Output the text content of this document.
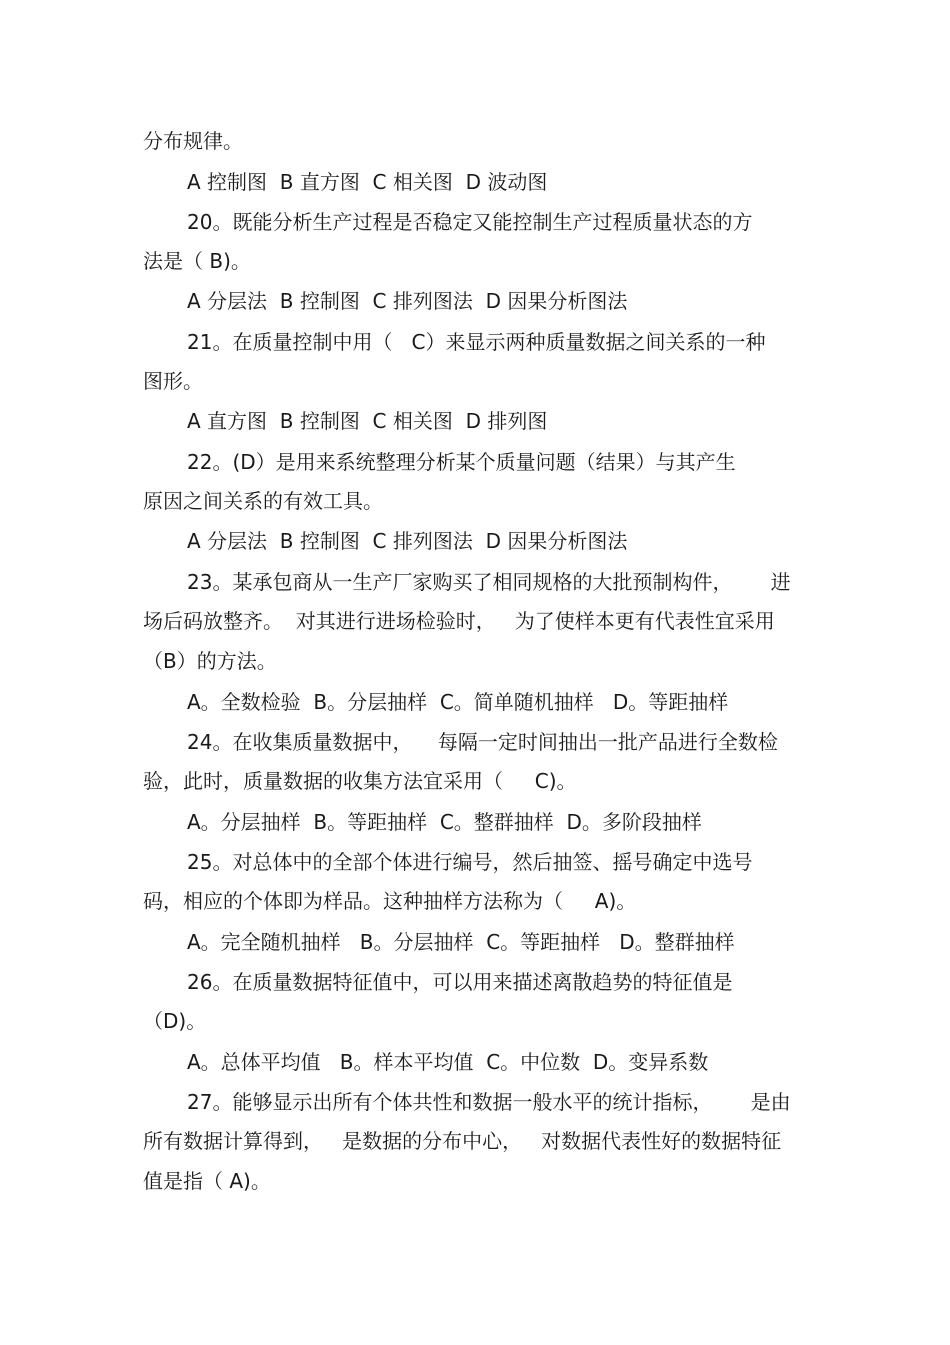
分布规律。
A 控制图  B 直方图  C 相关图  D 波动图
20。既能分析生产过程是否稳定又能控制生产过程质量状态的方
法是（ B)。
A 分层法  B 控制图  C 排列图法  D 因果分析图法
21。在质量控制中用（   C）来显示两种质量数据之间关系的一种
图形。
A 直方图  B 控制图  C 相关图  D 排列图
22。(D）是用来系统整理分析某个质量问题（结果）与其产生
原因之间关系的有效工具。
A 分层法  B 控制图  C 排列图法  D 因果分析图法
23。某承包商从一生产厂家购买了相同规格的大批预制构件，      进
场后码放整齐。  对其进行进场检验时，   为了使样本更有代表性宜采用
（B）的方法。
A。全数检验  B。分层抽样  C。简单随机抽样   D。等距抽样
24。在收集质量数据中，    每隔一定时间抽出一批产品进行全数检
验，此时，质量数据的收集方法宜采用（     C)。
A。分层抽样  B。等距抽样  C。整群抽样  D。多阶段抽样
25。对总体中的全部个体进行编号，然后抽签、摇号确定中选号
码，相应的个体即为样品。这种抽样方法称为（     A)。
A。完全随机抽样   B。分层抽样  C。等距抽样   D。整群抽样
26。在质量数据特征值中，可以用来描述离散趋势的特征值是
（D)。
A。总体平均值   B。样本平均值  C。中位数  D。变异系数
27。能够显示出所有个体共性和数据一般水平的统计指标，      是由
所有数据计算得到，   是数据的分布中心，   对数据代表性好的数据特征
值是指（ A)。
